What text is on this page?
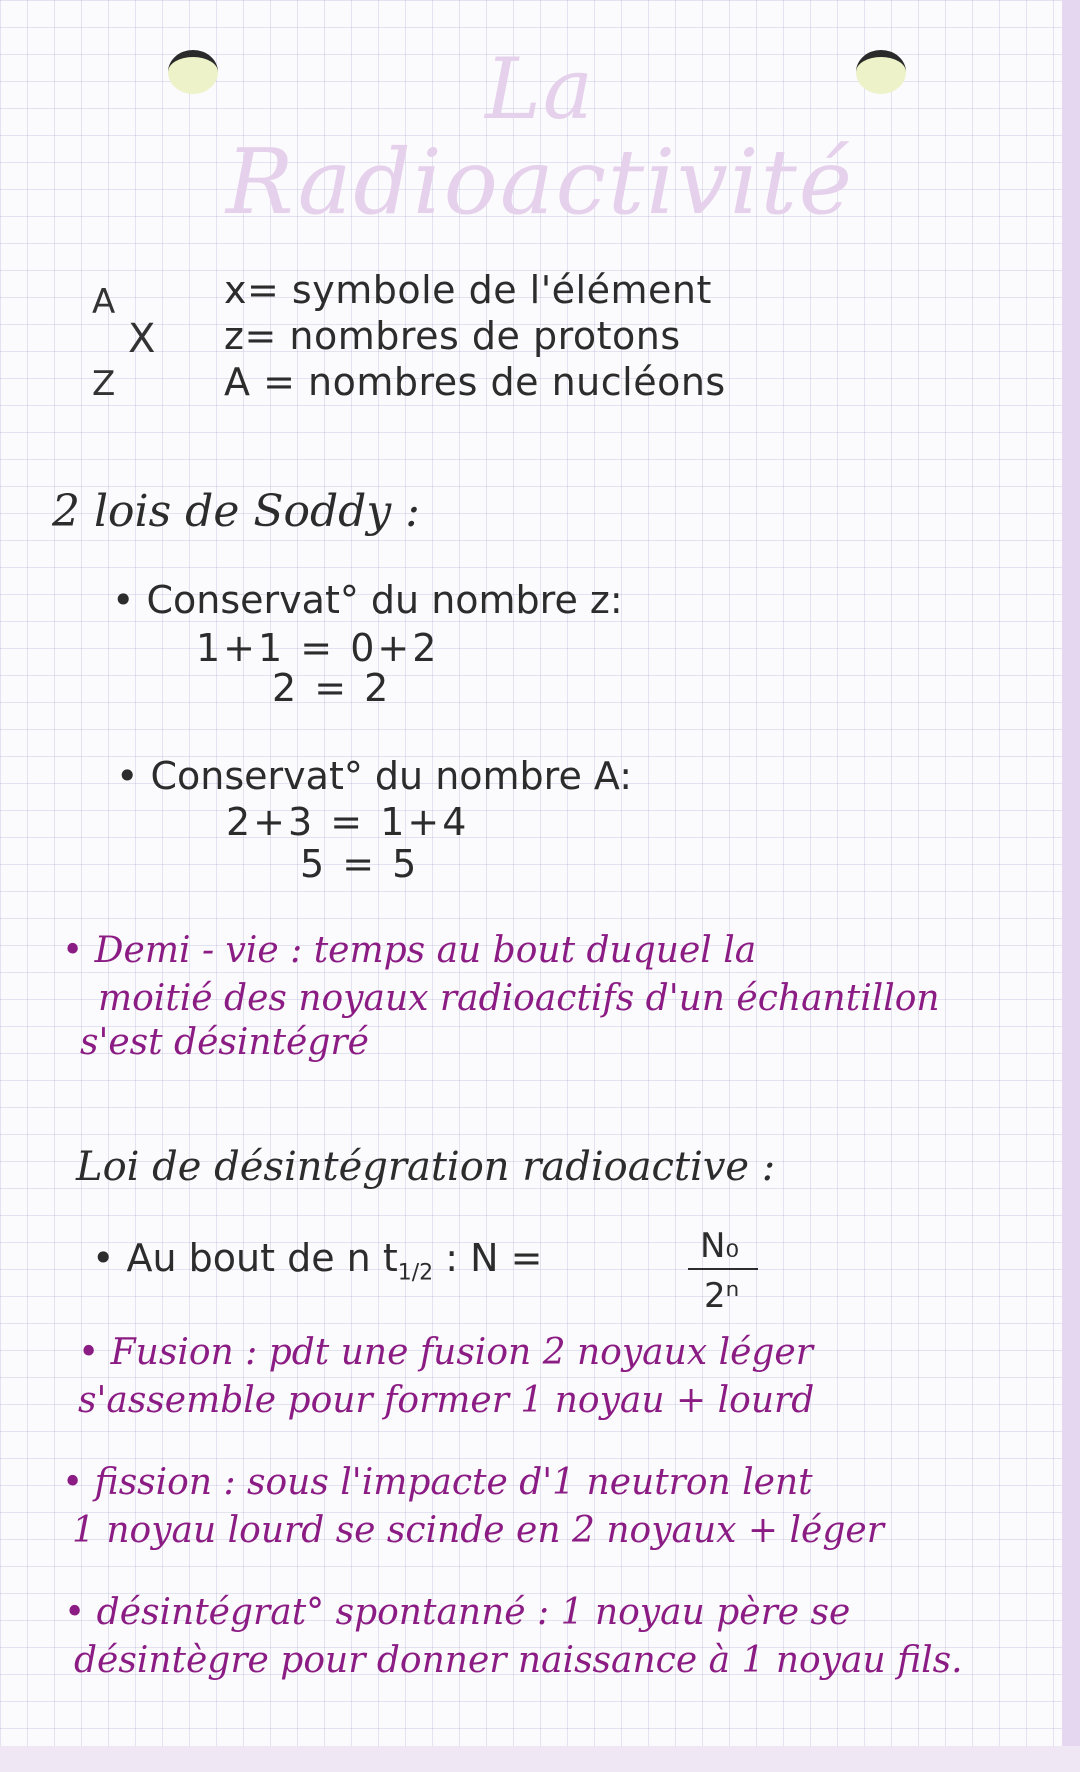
La
Radioactivité
A
X
Z
x= symbole de l'élément
z= nombres de protons
A = nombres de nucléons
2 lois de Soddy :
• Conservat° du nombre z:
1+1 = 0+2
2 = 2
• Conservat° du nombre A:
2+3 = 1+4
5 = 5
• Demi - vie : temps au bout duquel la
moitié des noyaux radioactifs d'un échantillon
s'est désintégré
Loi de désintégration radioactive :
• Au bout de n $t_{1/2}$ : N =	N₀
2ⁿ
• Fusion : pdt une fusion 2 noyaux léger
s'assemble pour former 1 noyau + lourd
• fission : sous l'impacte d'1 neutron lent
1 noyau lourd se scinde en 2 noyaux + léger
• désintégrat° spontanné : 1 noyau père se
désintègre pour donner naissance à 1 noyau fils.
